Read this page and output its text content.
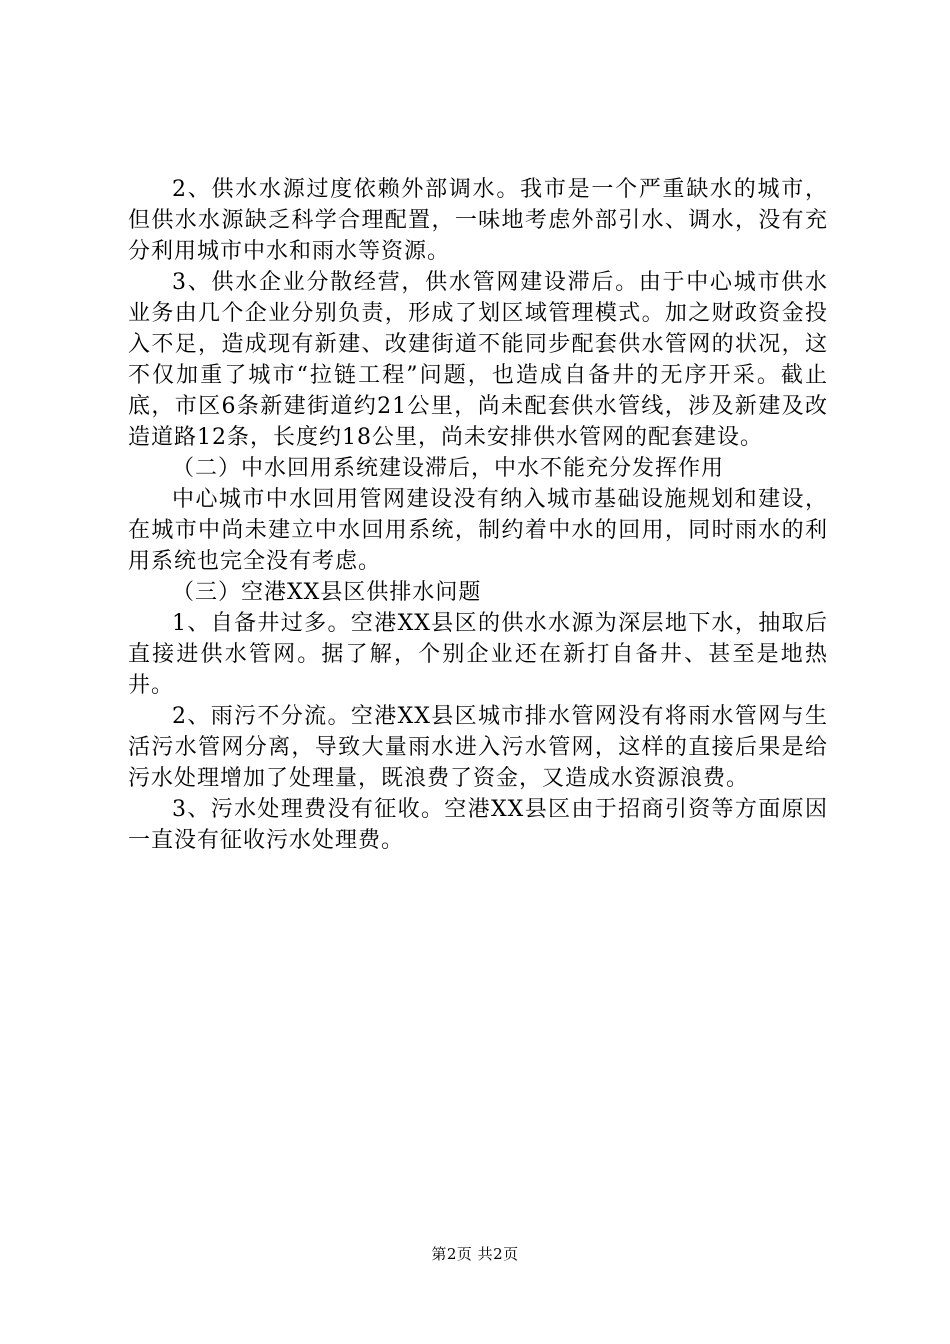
2、供水水源过度依赖外部调水。我市是一个严重缺水的城市，但供水水源缺乏科学合理配置，一味地考虑外部引水、调水，没有充分利用城市中水和雨水等资源。

3、供水企业分散经营，供水管网建设滞后。由于中心城市供水业务由几个企业分别负责，形成了划区域管理模式。加之财政资金投入不足，造成现有新建、改建街道不能同步配套供水管网的状况，这不仅加重了城市“拉链工程”问题，也造成自备井的无序开采。截止底，市区6条新建街道约21公里，尚未配套供水管线，涉及新建及改造道路12条，长度约18公里，尚未安排供水管网的配套建设。

（二）中水回用系统建设滞后，中水不能充分发挥作用

中心城市中水回用管网建设没有纳入城市基础设施规划和建设，在城市中尚未建立中水回用系统，制约着中水的回用，同时雨水的利用系统也完全没有考虑。

（三）空港XX县区供排水问题

1、自备井过多。空港XX县区的供水水源为深层地下水，抽取后直接进供水管网。据了解，个别企业还在新打自备井、甚至是地热井。

2、雨污不分流。空港XX县区城市排水管网没有将雨水管网与生活污水管网分离，导致大量雨水进入污水管网，这样的直接后果是给污水处理增加了处理量，既浪费了资金，又造成水资源浪费。

3、污水处理费没有征收。空港XX县区由于招商引资等方面原因一直没有征收污水处理费。

第2页 共2页
